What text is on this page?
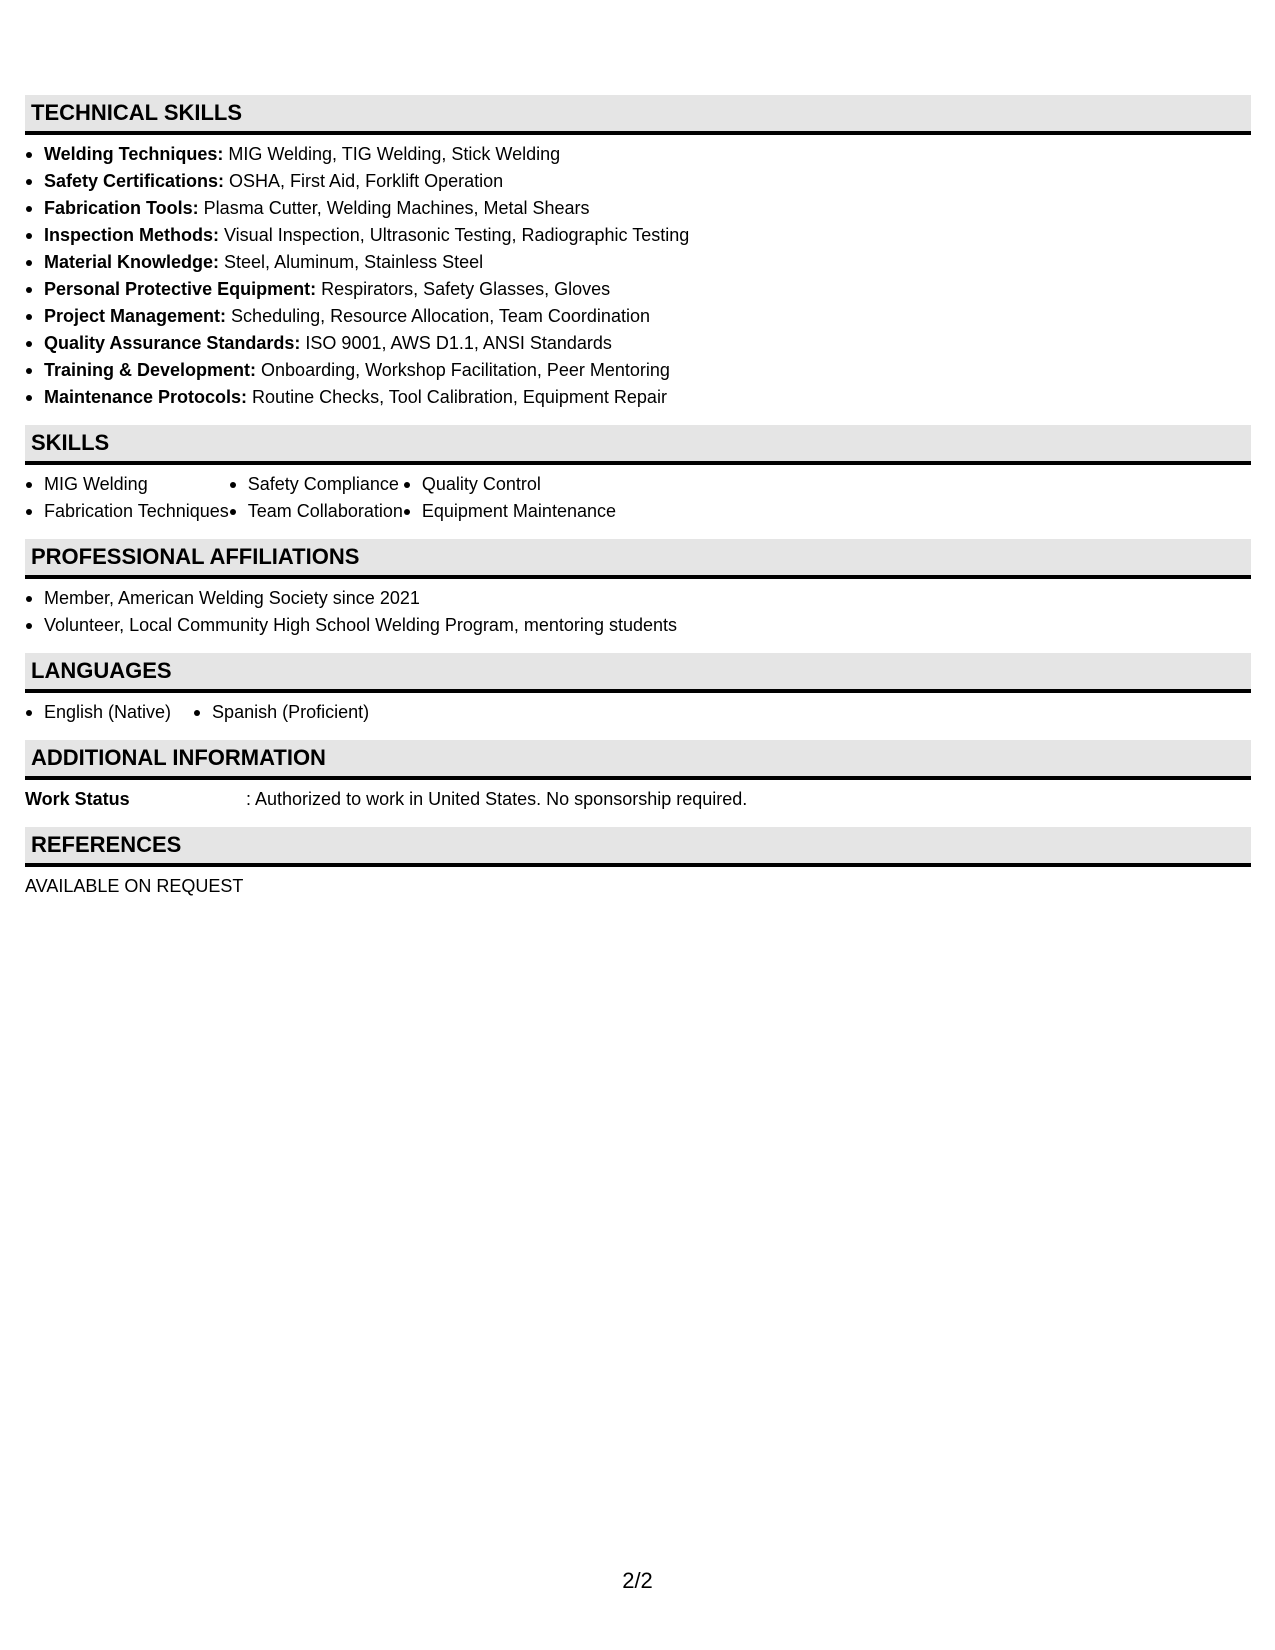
TECHNICAL SKILLS
Welding Techniques: MIG Welding, TIG Welding, Stick Welding
Safety Certifications: OSHA, First Aid, Forklift Operation
Fabrication Tools: Plasma Cutter, Welding Machines, Metal Shears
Inspection Methods: Visual Inspection, Ultrasonic Testing, Radiographic Testing
Material Knowledge: Steel, Aluminum, Stainless Steel
Personal Protective Equipment: Respirators, Safety Glasses, Gloves
Project Management: Scheduling, Resource Allocation, Team Coordination
Quality Assurance Standards: ISO 9001, AWS D1.1, ANSI Standards
Training & Development: Onboarding, Workshop Facilitation, Peer Mentoring
Maintenance Protocols: Routine Checks, Tool Calibration, Equipment Repair
SKILLS
MIG Welding
Fabrication Techniques
Safety Compliance
Team Collaboration
Quality Control
Equipment Maintenance
PROFESSIONAL AFFILIATIONS
Member, American Welding Society since 2021
Volunteer, Local Community High School Welding Program, mentoring students
LANGUAGES
English (Native)	Spanish (Proficient)
ADDITIONAL INFORMATION
Work Status	: Authorized to work in United States. No sponsorship required.
REFERENCES
AVAILABLE ON REQUEST
2/2
